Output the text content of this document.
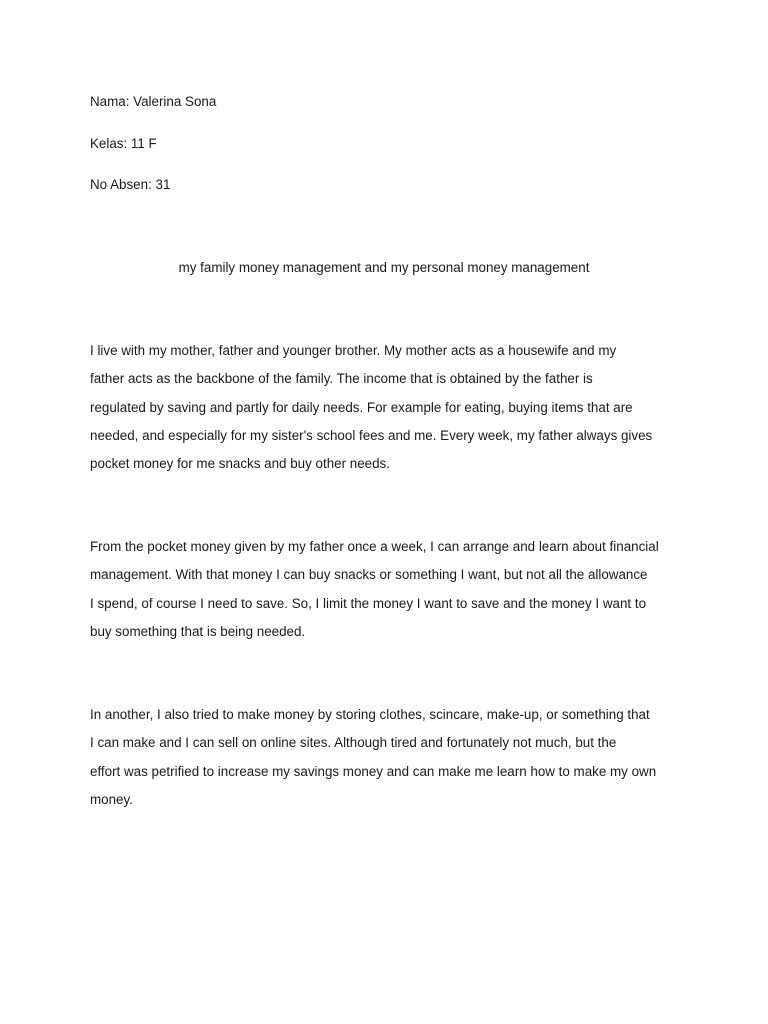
Nama: Valerina Sona
Kelas: 11 F
No Absen: 31
my family money management and my personal money management

I live with my mother, father and younger brother. My mother acts as a housewife and my
father acts as the backbone of the family. The income that is obtained by the father is
regulated by saving and partly for daily needs. For example for eating, buying items that are
needed, and especially for my sister's school fees and me. Every week, my father always gives
pocket money for me snacks and buy other needs.

From the pocket money given by my father once a week, I can arrange and learn about financial
management. With that money I can buy snacks or something I want, but not all the allowance
I spend, of course I need to save. So, I limit the money I want to save and the money I want to
buy something that is being needed.

In another, I also tried to make money by storing clothes, scincare, make-up, or something that
I can make and I can sell on online sites. Although tired and fortunately not much, but the
effort was petrified to increase my savings money and can make me learn how to make my own
money.
